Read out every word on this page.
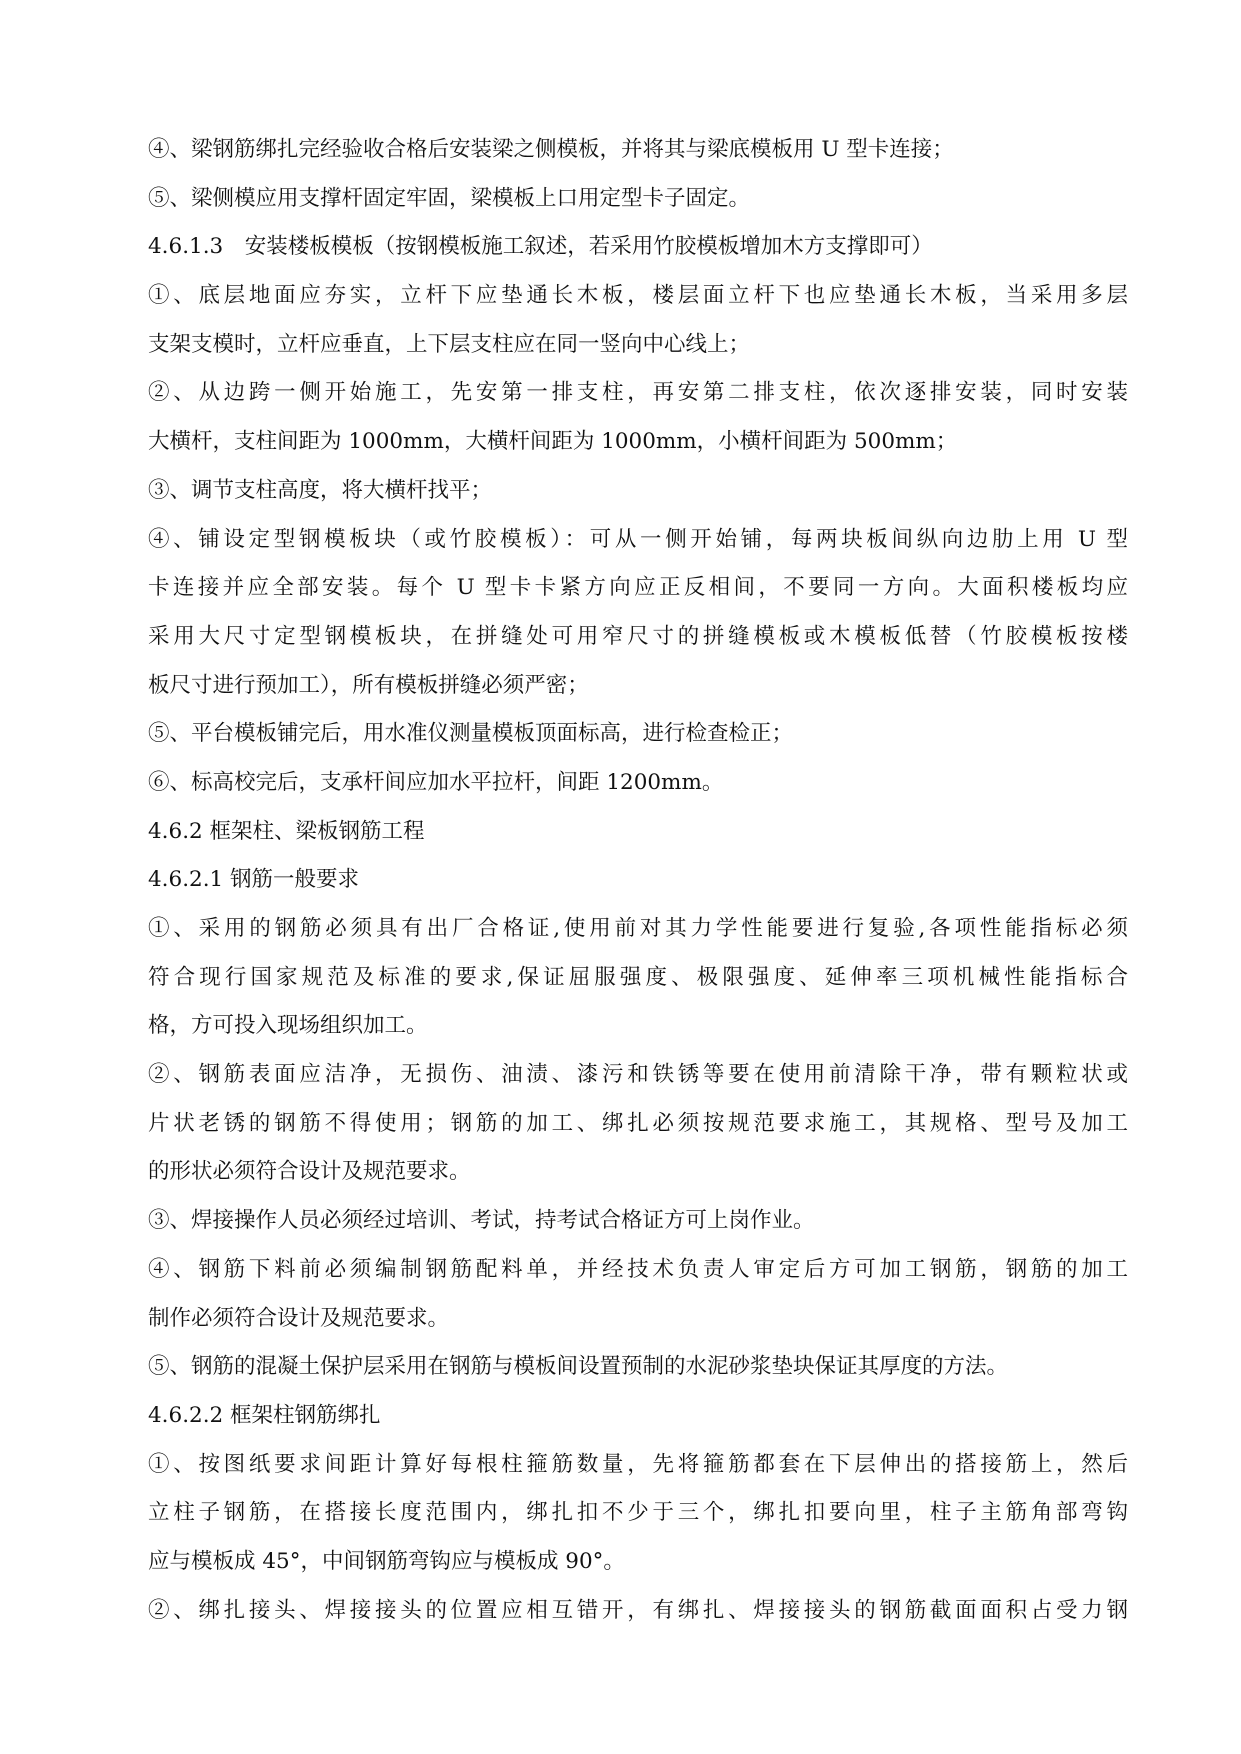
④、梁钢筋绑扎完经验收合格后安装梁之侧模板，并将其与梁底模板用 U 型卡连接；
⑤、梁侧模应用支撑杆固定牢固，梁模板上口用定型卡子固定。
4.6.1.3　安装楼板模板（按钢模板施工叙述，若采用竹胶模板增加木方支撑即可）
①、底层地面应夯实，立杆下应垫通长木板，楼层面立杆下也应垫通长木板，当采用多层
支架支模时，立杆应垂直，上下层支柱应在同一竖向中心线上；
②、从边跨一侧开始施工，先安第一排支柱，再安第二排支柱，依次逐排安装，同时安装
大横杆，支柱间距为 1000mm，大横杆间距为 1000mm，小横杆间距为 500mm；
③、调节支柱高度，将大横杆找平；
④、铺设定型钢模板块（或竹胶模板）：可从一侧开始铺，每两块板间纵向边肋上用 U 型
卡连接并应全部安装。每个 U 型卡卡紧方向应正反相间，不要同一方向。大面积楼板均应
采用大尺寸定型钢模板块，在拼缝处可用窄尺寸的拼缝模板或木模板低替（竹胶模板按楼
板尺寸进行预加工），所有模板拼缝必须严密；
⑤、平台模板铺完后，用水准仪测量模板顶面标高，进行检查检正；
⑥、标高校完后，支承杆间应加水平拉杆，间距 1200mm。
4.6.2 框架柱、梁板钢筋工程
4.6.2.1 钢筋一般要求
①、采用的钢筋必须具有出厂合格证,使用前对其力学性能要进行复验,各项性能指标必须
符合现行国家规范及标准的要求,保证屈服强度、极限强度、延伸率三项机械性能指标合
格，方可投入现场组织加工。
②、钢筋表面应洁净，无损伤、油渍、漆污和铁锈等要在使用前清除干净，带有颗粒状或
片状老锈的钢筋不得使用；钢筋的加工、绑扎必须按规范要求施工，其规格、型号及加工
的形状必须符合设计及规范要求。
③、焊接操作人员必须经过培训、考试，持考试合格证方可上岗作业。
④、钢筋下料前必须编制钢筋配料单，并经技术负责人审定后方可加工钢筋，钢筋的加工
制作必须符合设计及规范要求。
⑤、钢筋的混凝土保护层采用在钢筋与模板间设置预制的水泥砂浆垫块保证其厚度的方法。
4.6.2.2 框架柱钢筋绑扎
①、按图纸要求间距计算好每根柱箍筋数量，先将箍筋都套在下层伸出的搭接筋上，然后
立柱子钢筋，在搭接长度范围内，绑扎扣不少于三个，绑扎扣要向里，柱子主筋角部弯钩
应与模板成 45°，中间钢筋弯钩应与模板成 90°。
②、绑扎接头、焊接接头的位置应相互错开，有绑扎、焊接接头的钢筋截面面积占受力钢
